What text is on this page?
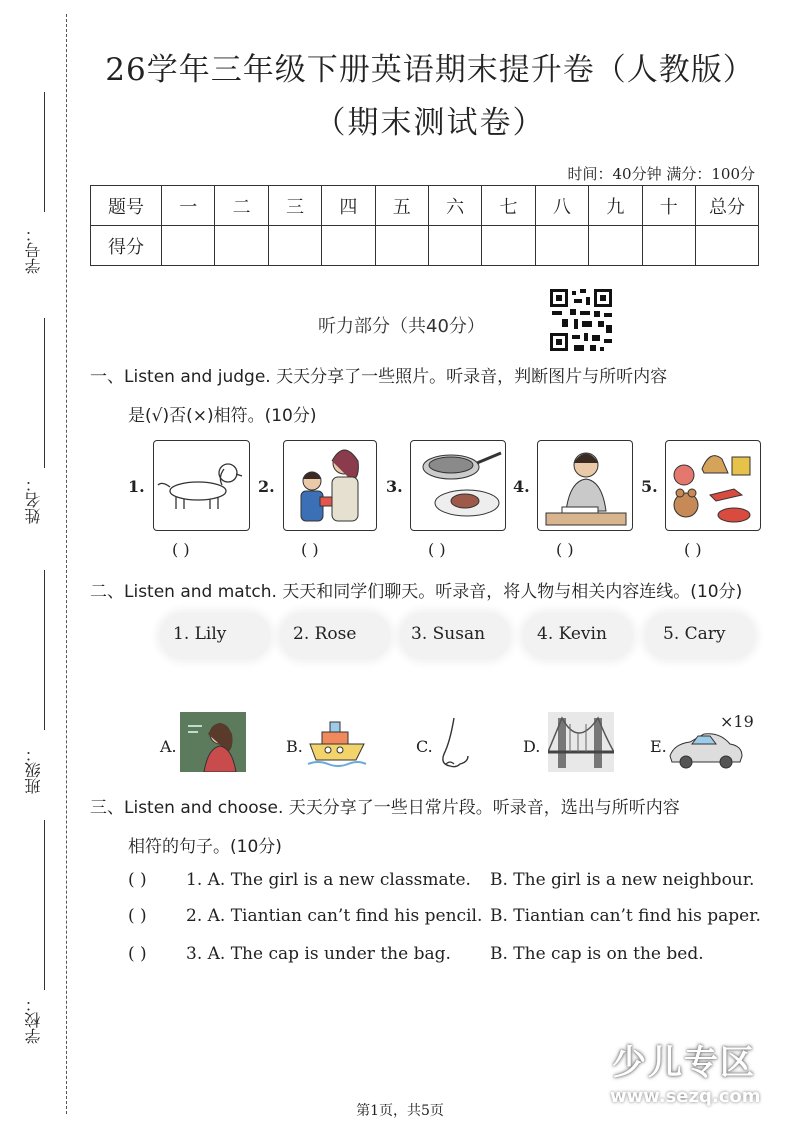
学号：
姓名：
班级：
学校：
26学年三年级下册英语期末提升卷（人教版）
（期末测试卷）
时间：40分钟 满分：100分
题号	一	二	三	四	五	六	七	八	九	十	总分
得分											
听力部分（共40分）
一、Listen and judge. 天天分享了一些照片。听录音，判断图片与所听内容
是(√)否(×)相符。(10分)
1.	2.	3.	4.	5.
( )	( )	( )	( )	( )
二、Listen and match. 天天和同学们聊天。听录音，将人物与相关内容连线。(10分)
1. Lily	2. Rose	3. Susan	4. Kevin	5. Cary
A.	B.	C.	D.	E.
×19
三、Listen and choose. 天天分享了一些日常片段。听录音，选出与所听内容
相符的句子。(10分)
( ) 1. A. The girl is a new classmate. B. The girl is a new neighbour.
( ) 2. A. Tiantian can’t find his pencil. B. Tiantian can’t find his paper.
( ) 3. A. The cap is under the bag. B. The cap is on the bed.
少儿专区
www.sezq.com
第1页，共5页
